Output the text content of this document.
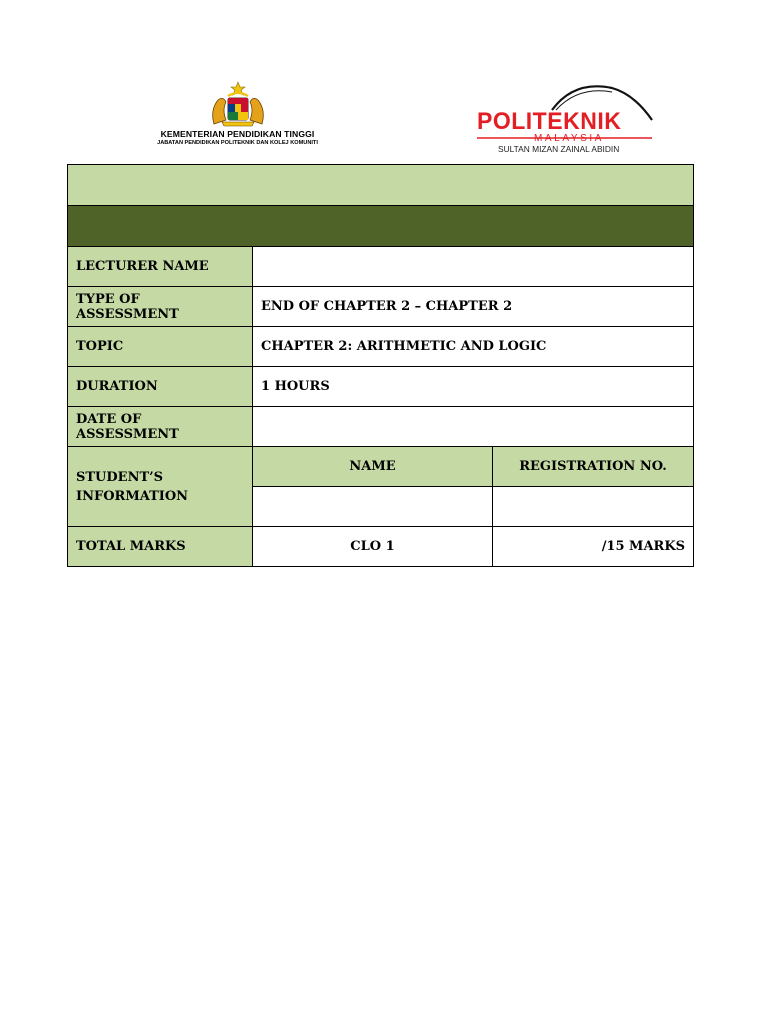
KEMENTERIAN PENDIDIKAN TINGGI
JABATAN PENDIDIKAN POLITEKNIK DAN KOLEJ KOMUNITI
POLITEKNIK
MALAYSIA
SULTAN MIZAN ZAINAL ABIDIN

LECTURER NAME		
TYPE OF ASSESSMENT	END OF CHAPTER 2 – CHAPTER 2	
TOPIC	CHAPTER 2: ARITHMETIC AND LOGIC	
DURATION	1 HOURS	
DATE OF ASSESSMENT		
STUDENT’S INFORMATION	NAME	REGISTRATION NO.

TOTAL MARKS	CLO 1	/15 MARKS
